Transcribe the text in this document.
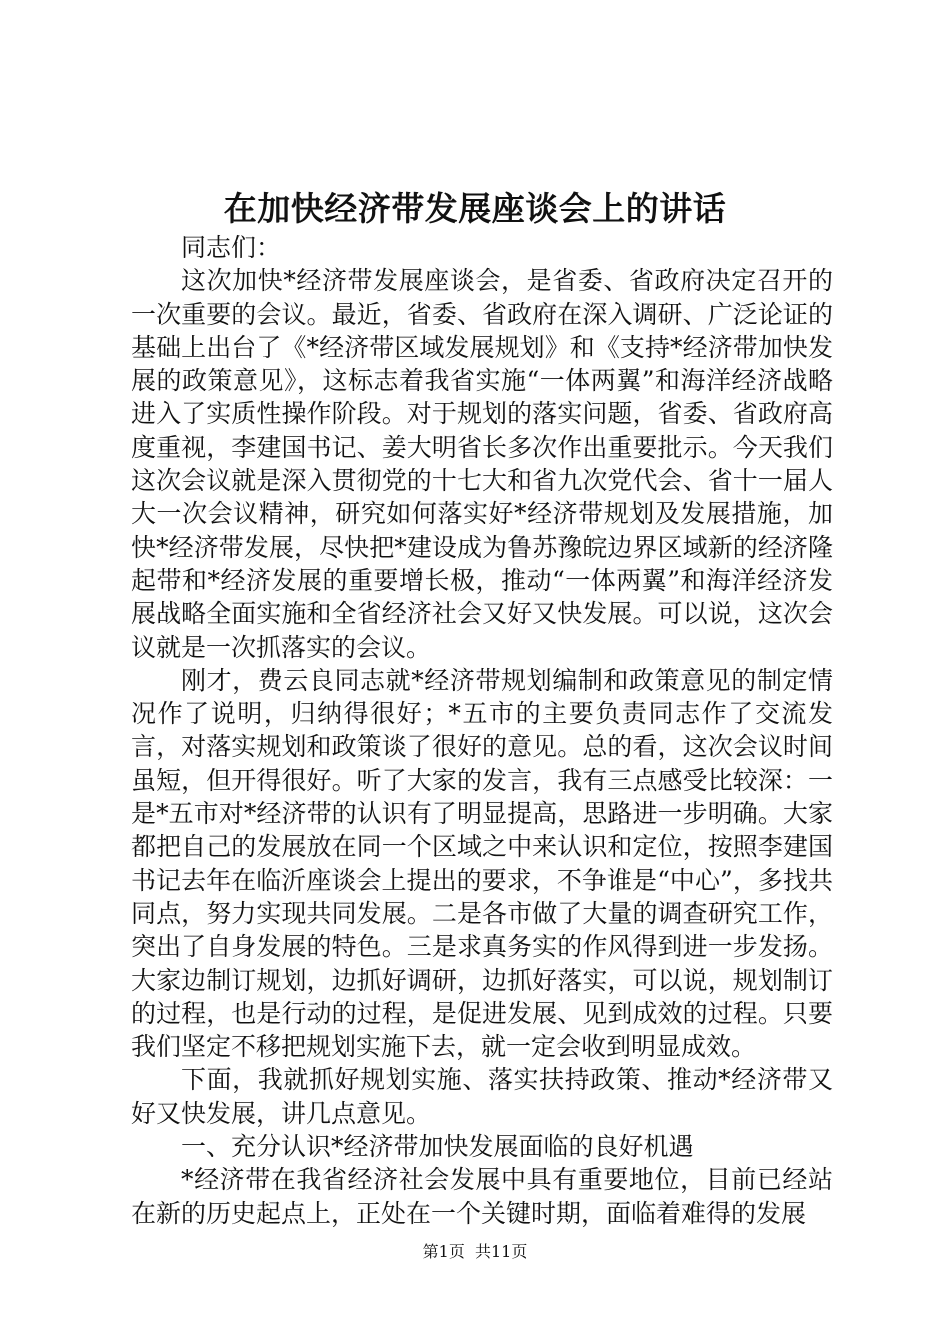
在加快经济带发展座谈会上的讲话

同志们：

这次加快*经济带发展座谈会，是省委、省政府决定召开的一次重要的会议。最近，省委、省政府在深入调研、广泛论证的基础上出台了《*经济带区域发展规划》和《支持*经济带加快发展的政策意见》，这标志着我省实施“一体两翼”和海洋经济战略进入了实质性操作阶段。对于规划的落实问题，省委、省政府高度重视，李建国书记、姜大明省长多次作出重要批示。今天我们这次会议就是深入贯彻党的十七大和省九次党代会、省十一届人大一次会议精神，研究如何落实好*经济带规划及发展措施，加快*经济带发展，尽快把*建设成为鲁苏豫皖边界区域新的经济隆起带和*经济发展的重要增长极，推动“一体两翼”和海洋经济发展战略全面实施和全省经济社会又好又快发展。可以说，这次会议就是一次抓落实的会议。

刚才，费云良同志就*经济带规划编制和政策意见的制定情况作了说明，归纳得很好；*五市的主要负责同志作了交流发言，对落实规划和政策谈了很好的意见。总的看，这次会议时间虽短，但开得很好。听了大家的发言，我有三点感受比较深：一是*五市对*经济带的认识有了明显提高，思路进一步明确。大家都把自己的发展放在同一个区域之中来认识和定位，按照李建国书记去年在临沂座谈会上提出的要求，不争谁是“中心”，多找共同点，努力实现共同发展。二是各市做了大量的调查研究工作，突出了自身发展的特色。三是求真务实的作风得到进一步发扬。大家边制订规划，边抓好调研，边抓好落实，可以说，规划制订的过程，也是行动的过程，是促进发展、见到成效的过程。只要我们坚定不移把规划实施下去，就一定会收到明显成效。

下面，我就抓好规划实施、落实扶持政策、推动*经济带又好又快发展，讲几点意见。

一、充分认识*经济带加快发展面临的良好机遇

*经济带在我省经济社会发展中具有重要地位，目前已经站在新的历史起点上，正处在一个关键时期，面临着难得的发展

第1页  共11页
